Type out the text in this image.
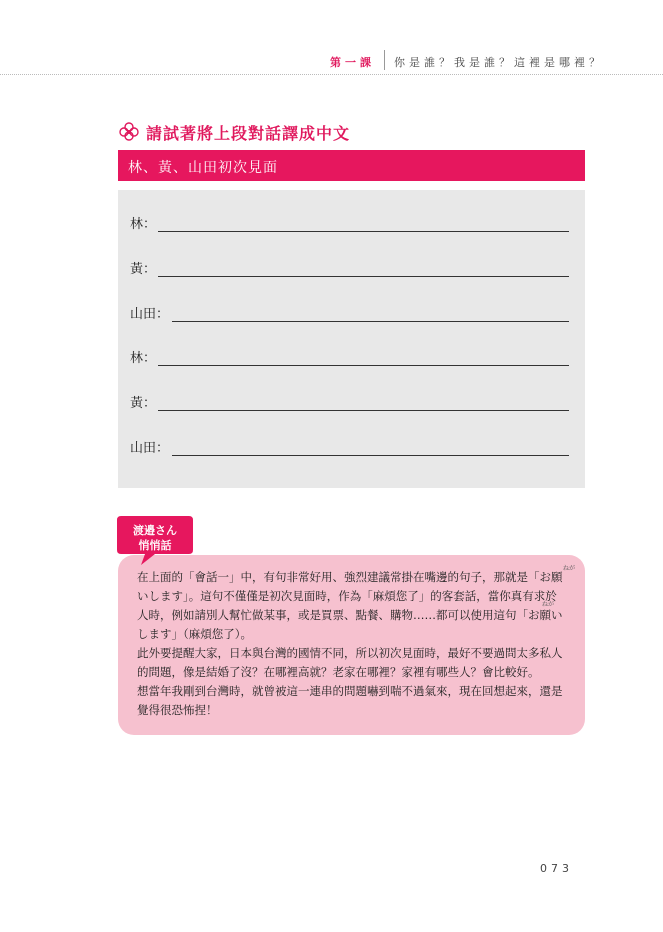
第一課 你是誰？我是誰？這裡是哪裡？
請試著將上段對話譯成中文
林、黃、山田初次見面
林：
黃：
山田：
林：
黃：
山田：
渡邉さん
悄悄話
ねが
ねが

在上面的「會話一」中，有句非常好用、強烈建議常掛在嘴邊的句子，那就是「お願

いします」。這句不僅僅是初次見面時，作為「麻煩您了」的客套話，當你真有求於

人時，例如請別人幫忙做某事，或是買票、點餐、購物……都可以使用這句「お願い

します」（麻煩您了）。

此外要提醒大家，日本與台灣的國情不同，所以初次見面時，最好不要過問太多私人

的問題，像是結婚了沒？在哪裡高就？老家在哪裡？家裡有哪些人？會比較好。

想當年我剛到台灣時，就曾被這一連串的問題嚇到喘不過氣來，現在回想起來，還是

覺得很恐怖捏！

073
